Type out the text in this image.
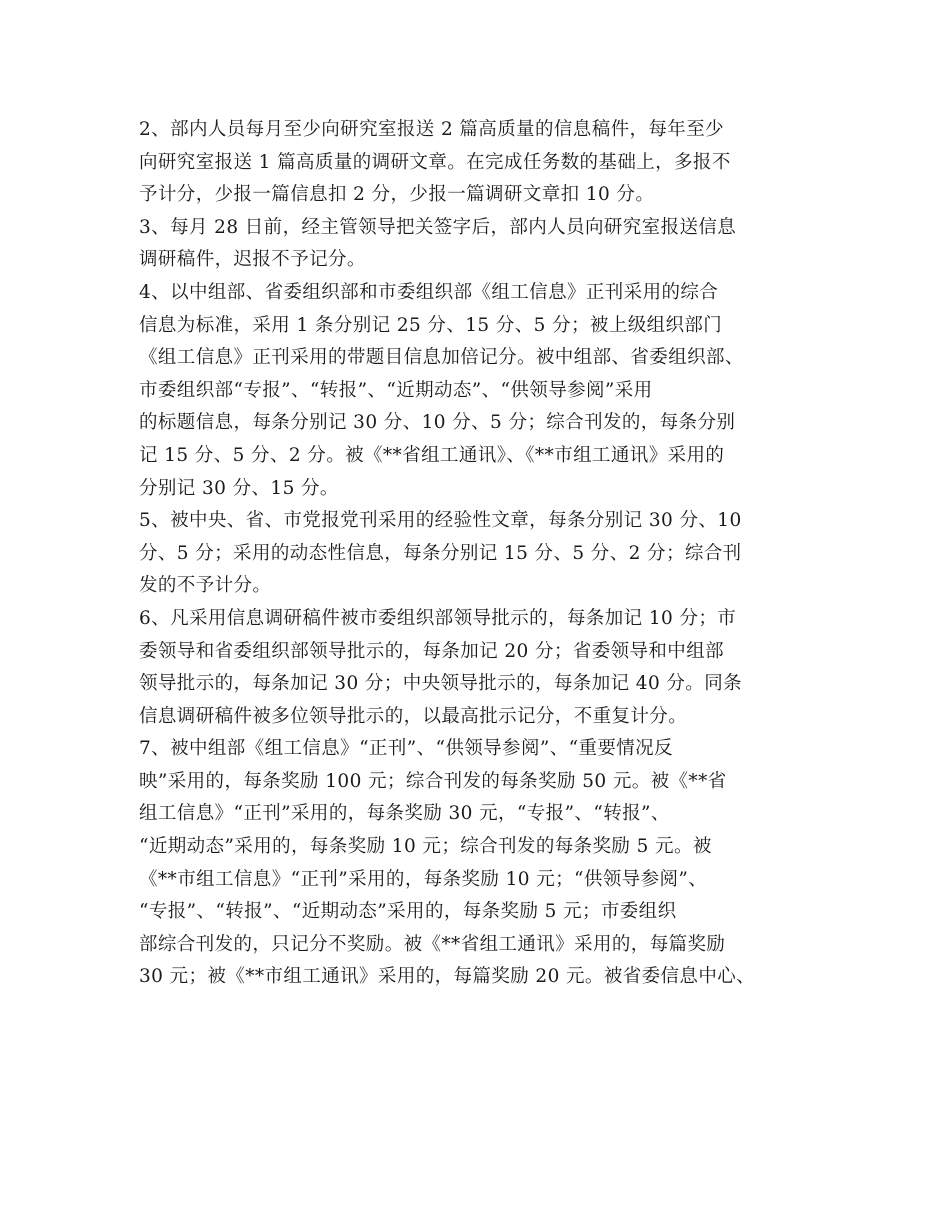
2、部内人员每月至少向研究室报送 2 篇高质量的信息稿件，每年至少
向研究室报送 1 篇高质量的调研文章。在完成任务数的基础上，多报不
予计分，少报一篇信息扣 2 分，少报一篇调研文章扣 10 分。
3、每月 28 日前，经主管领导把关签字后，部内人员向研究室报送信息
调研稿件，迟报不予记分。
4、以中组部、省委组织部和市委组织部《组工信息》正刊采用的综合
信息为标准，采用 1 条分别记 25 分、15 分、5 分；被上级组织部门
《组工信息》正刊采用的带题目信息加倍记分。被中组部、省委组织部、
市委组织部“专报”、“转报”、“近期动态”、“供领导参阅”采用
的标题信息，每条分别记 30 分、10 分、5 分；综合刊发的，每条分别
记 15 分、5 分、2 分。被《**省组工通讯》、《**市组工通讯》采用的
分别记 30 分、15 分。
5、被中央、省、市党报党刊采用的经验性文章，每条分别记 30 分、10
分、5 分；采用的动态性信息，每条分别记 15 分、5 分、2 分；综合刊
发的不予计分。
6、凡采用信息调研稿件被市委组织部领导批示的，每条加记 10 分；市
委领导和省委组织部领导批示的，每条加记 20 分；省委领导和中组部
领导批示的，每条加记 30 分；中央领导批示的，每条加记 40 分。同条
信息调研稿件被多位领导批示的，以最高批示记分，不重复计分。
7、被中组部《组工信息》“正刊”、“供领导参阅”、“重要情况反
映”采用的，每条奖励 100 元；综合刊发的每条奖励 50 元。被《**省
组工信息》“正刊”采用的，每条奖励 30 元，“专报”、“转报”、
“近期动态”采用的，每条奖励 10 元；综合刊发的每条奖励 5 元。被
《**市组工信息》“正刊”采用的，每条奖励 10 元；“供领导参阅”、
“专报”、“转报”、“近期动态”采用的，每条奖励 5 元；市委组织
部综合刊发的，只记分不奖励。被《**省组工通讯》采用的，每篇奖励
30 元；被《**市组工通讯》采用的，每篇奖励 20 元。被省委信息中心、
